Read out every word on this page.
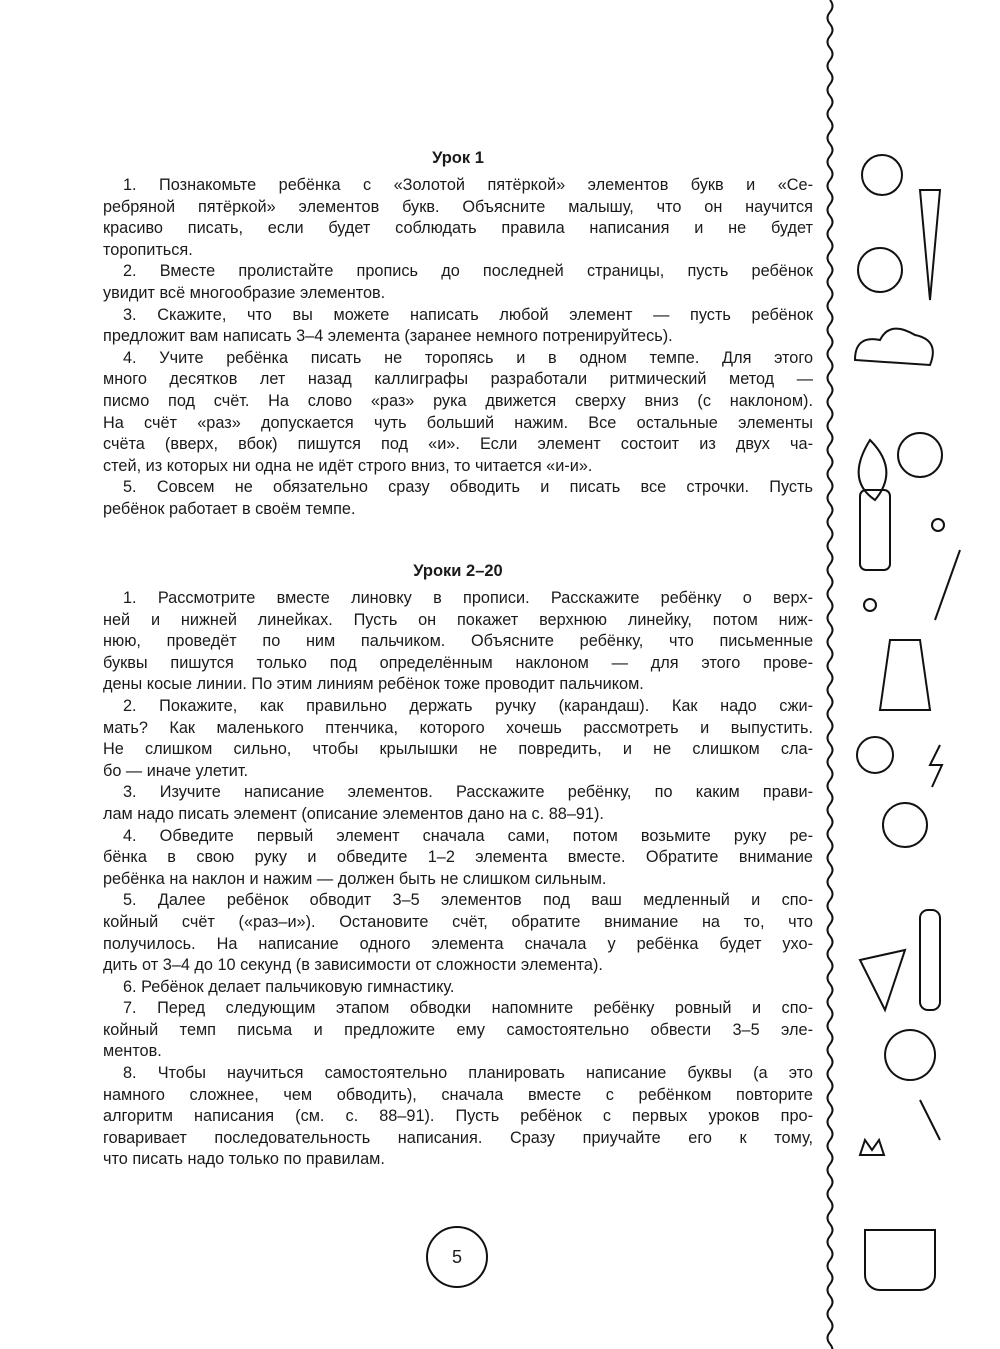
Урок 1
1. Познакомьте ребёнка с «Золотой пятёркой» элементов букв и «Се-
ребряной пятёркой» элементов букв. Объясните малышу, что он научится
красиво писать, если будет соблюдать правила написания и не будет
торопиться.
2. Вместе пролистайте пропись до последней страницы, пусть ребёнок
увидит всё многообразие элементов.
3. Скажите, что вы можете написать любой элемент — пусть ребёнок
предложит вам написать 3–4 элемента (заранее немного потренируйтесь).
4. Учите ребёнка писать не торопясь и в одном темпе. Для этого
много десятков лет назад каллиграфы разработали ритмический метод —
писмо под счёт. На слово «раз» рука движется сверху вниз (с наклоном).
На счёт «раз» допускается чуть больший нажим. Все остальные элементы
счёта (вверх, вбок) пишутся под «и». Если элемент состоит из двух ча-
стей, из которых ни одна не идёт строго вниз, то читается «и-и».
5. Совсем не обязательно сразу обводить и писать все строчки. Пусть
ребёнок работает в своём темпе.
Уроки 2–20
1. Рассмотрите вместе линовку в прописи. Расскажите ребёнку о верх-
ней и нижней линейках. Пусть он покажет верхнюю линейку, потом ниж-
нюю, проведёт по ним пальчиком. Объясните ребёнку, что письменные
буквы пишутся только под определённым наклоном — для этого прове-
дены косые линии. По этим линиям ребёнок тоже проводит пальчиком.
2. Покажите, как правильно держать ручку (карандаш). Как надо сжи-
мать? Как маленького птенчика, которого хочешь рассмотреть и выпустить.
Не слишком сильно, чтобы крылышки не повредить, и не слишком сла-
бо — иначе улетит.
3. Изучите написание элементов. Расскажите ребёнку, по каким прави-
лам надо писать элемент (описание элементов дано на с. 88–91).
4. Обведите первый элемент сначала сами, потом возьмите руку ре-
бёнка в свою руку и обведите 1–2 элемента вместе. Обратите внимание
ребёнка на наклон и нажим — должен быть не слишком сильным.
5. Далее ребёнок обводит 3–5 элементов под ваш медленный и спо-
койный счёт («раз–и»). Остановите счёт, обратите внимание на то, что
получилось. На написание одного элемента сначала у ребёнка будет ухо-
дить от 3–4 до 10 секунд (в зависимости от сложности элемента).
6. Ребёнок делает пальчиковую гимнастику.
7. Перед следующим этапом обводки напомните ребёнку ровный и спо-
койный темп письма и предложите ему самостоятельно обвести 3–5 эле-
ментов.
8. Чтобы научиться самостоятельно планировать написание буквы (а это
намного сложнее, чем обводить), сначала вместе с ребёнком повторите
алгоритм написания (см. с. 88–91). Пусть ребёнок с первых уроков про-
говаривает последовательность написания. Сразу приучайте его к тому,
что писать надо только по правилам.
5
